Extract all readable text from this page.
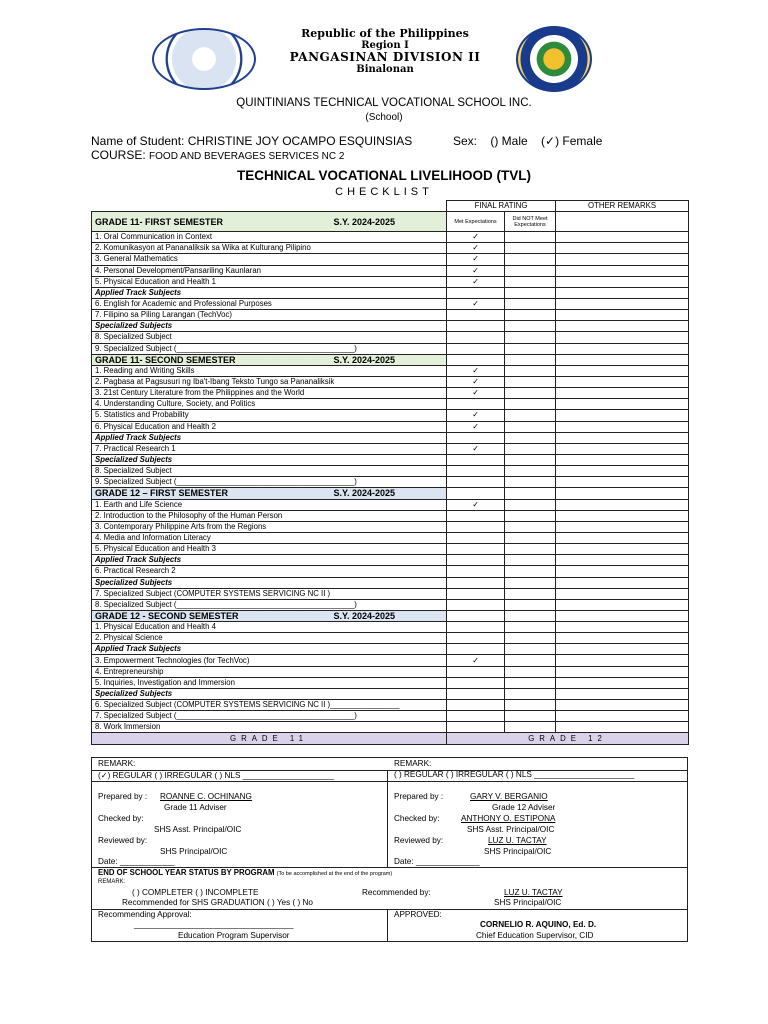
Republic of the Philippines
Region I
PANGASINAN DIVISION II
Binalonan
QUINTINIANS TECHNICAL VOCATIONAL SCHOOL INC.
(School)
Name of Student: CHRISTINE JOY OCAMPO ESQUINSIAS	Sex: () Male (✓) Female
COURSE: FOOD AND BEVERAGES SERVICES NC 2
TECHNICAL VOCATIONAL LIVELIHOOD (TVL)
CHECKLIST
	FINAL RATING		OTHER REMARKS
GRADE 11- FIRST SEMESTER S.Y. 2024-2025	Met Expectations	Did NOT Meet Expectations	
1. Oral Communication in Context	✓		
2. Komunikasyon at Pananaliksik sa Wika at Kulturang Pilipino	✓		
3. General Mathematics	✓		
4. Personal Development/Pansariling Kaunlaran	✓		
5. Physical Education and Health 1	✓		
Applied Track Subjects			
6. English for Academic and Professional Purposes	✓		
7. Filipino sa Piling Larangan (TechVoc)			
Specialized Subjects			
8. Specialized Subject			
9. Specialized Subject (_________________________________________)			
GRADE 11- SECOND SEMESTER S.Y. 2024-2025			

1. Reading and Writing Skills	✓		
2. Pagbasa at Pagsusuri ng Iba't-Ibang Teksto Tungo sa Pananaliksik	✓		
3. 21st Century Literature from the Philippines and the World	✓		
4. Understanding Culture, Society, and Politics			
5. Statistics and Probability	✓		
6. Physical Education and Health 2	✓		
Applied Track Subjects			
7. Practical Research 1	✓		
Specialized Subjects			
8. Specialized Subject			
9. Specialized Subject (_________________________________________)			
GRADE 12 – FIRST SEMESTER S.Y. 2024-2025			

1. Earth and Life Science	✓		
2. Introduction to the Philosophy of the Human Person			
3. Contemporary Philippine Arts from the Regions			
4. Media and Information Literacy			
5. Physical Education and Health 3			
Applied Track Subjects			
6. Practical Research 2			
Specialized Subjects			
7. Specialized Subject (COMPUTER SYSTEMS SERVICING NC II )			
8. Specialized Subject (_________________________________________)			
GRADE 12 - SECOND SEMESTER S.Y. 2024-2025			

1. Physical Education and Health 4			
2. Physical Science			
Applied Track Subjects			
3. Empowerment Technologies (for TechVoc)	✓		
4. Entrepreneurship			
5. Inquiries, Investigation and Immersion			
Specialized Subjects			
6. Specialized Subject (COMPUTER SYSTEMS SERVICING NC II )________________			
7. Specialized Subject (_________________________________________)			
8. Work Immersion			
GRADE 11	GRADE 12		
REMARK:
(✓) REGULAR ( ) IRREGULAR ( ) NLS ____________________
REMARK:
( ) REGULAR ( ) IRREGULAR ( ) NLS ______________________
Prepared by : ROANNE C. OCHINANG
Grade 11 Adviser
Checked by:
SHS Asst. Principal/OIC
Reviewed by:
SHS Principal/OIC
Date: ____________
Prepared by :	GARY V. BERGANIO
Grade 12 Adviser
Checked by:	ANTHONY O. ESTIPONA
SHS Asst. Principal/OIC
Reviewed by:	LUZ U. TACTAY
SHS Principal/OIC
Date: ______________
END OF SCHOOL YEAR STATUS BY PROGRAM (To be accomplished at the end of the program)
REMARK:
( ) COMPLETER ( ) INCOMPLETE
Recommended for SHS GRADUATION ( ) Yes ( ) No
Recommended by:	LUZ U. TACTAY
SHS Principal/OIC
Recommending Approval:
___________________________________
Education Program Supervisor
APPROVED:
CORNELIO R. AQUINO, Ed. D.
Chief Education Supervisor, CID
